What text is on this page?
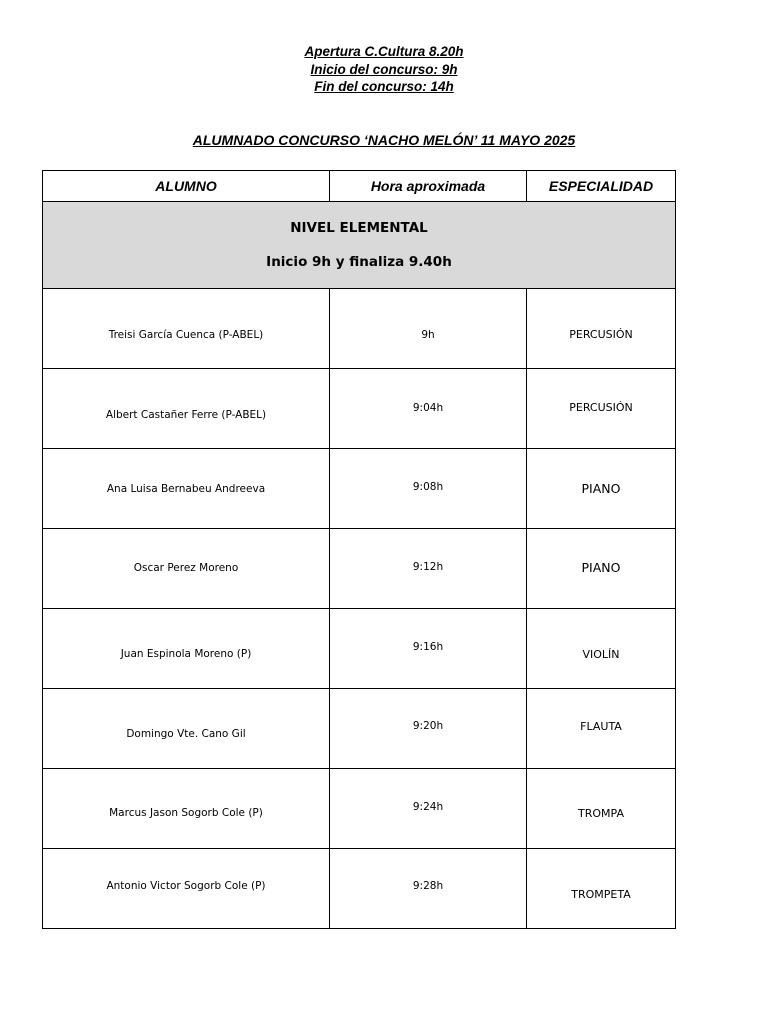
Apertura C.Cultura 8.20h
Inicio del concurso: 9h
Fin del concurso: 14h
ALUMNADO CONCURSO ‘NACHO MELÓN’ 11 MAYO 2025
ALUMNO	Hora aproximada	ESPECIALIDAD

NIVEL ELEMENTAL
Inicio 9h y finaliza 9.40h		

Treisi García Cuenca (P-ABEL)	9h	PERCUSIÓN

Albert Castañer Ferre (P-ABEL)	9:04h	PERCUSIÓN

Ana Luisa Bernabeu Andreeva	9:08h	PIANO

Oscar Perez Moreno	9:12h	PIANO

Juan Espinola Moreno (P)	9:16h	VIOLÍN

Domingo Vte. Cano Gil	9:20h	FLAUTA

Marcus Jason Sogorb Cole (P)	9:24h	TROMPA

Antonio Victor Sogorb Cole (P)	9:28h	TROMPETA
